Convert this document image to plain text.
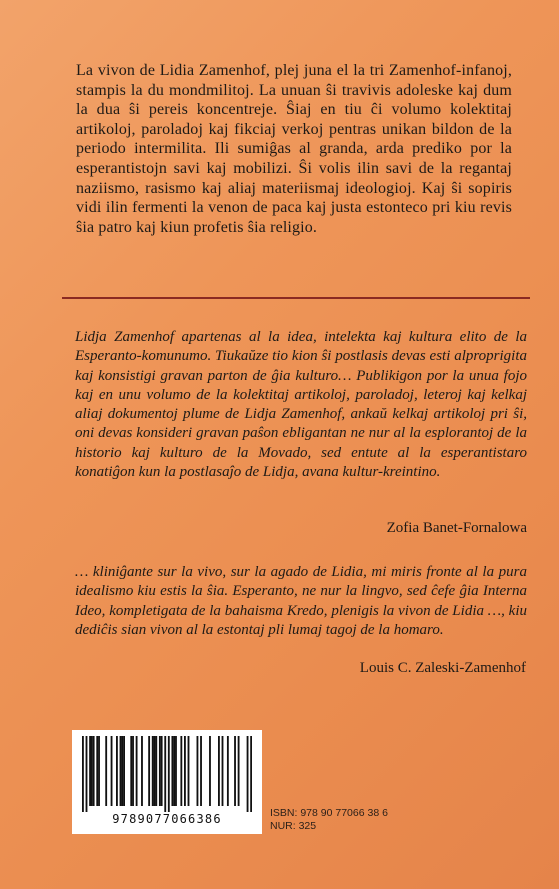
La vivon de Lidia Zamenhof, plej juna el la tri Zamenhof-infanoj, stampis la du mondmilitoj. La unuan ŝi travivis adoleske kaj dum la dua ŝi pereis koncentreje. Ŝiaj en tiu ĉi volumo kolektitaj artikoloj, paroladoj kaj fikciaj verkoj pentras unikan bildon de la periodo intermilita. Ili sumiĝas al granda, arda prediko por la esperantistojn savi kaj mobilizi. Ŝi volis ilin savi de la regantaj naziismo, rasismo kaj aliaj materiismaj ideologioj. Kaj ŝi sopiris vidi ilin fermenti la venon de paca kaj justa estonteco pri kiu revis ŝia patro kaj kiun profetis ŝia religio.

Lidja Zamenhof apartenas al la idea, intelekta kaj kultura elito de la Esperanto-komunumo. Tiukaŭze tio kion ŝi postlasis devas esti alproprigita kaj konsistigi gravan parton de ĝia kulturo… Publikigon por la unua fojo kaj en unu volumo de la kolektitaj artikoloj, paroladoj, leteroj kaj kelkaj aliaj dokumentoj plume de Lidja Zamenhof, ankaŭ kelkaj artikoloj pri ŝi, oni devas konsideri gravan paŝon ebligantan ne nur al la esplorantoj de la historio kaj kulturo de la Movado, sed entute al la esperantistaro konatiĝon kun la postlasaĵo de Lidja, avana kultur-kreintino.

Zofia Banet-Fornalowa

… kliniĝante sur la vivo, sur la agado de Lidia, mi miris fronte al la pura idealismo kiu estis la ŝia. Esperanto, ne nur la lingvo, sed ĉefe ĝia Interna Ideo, kompletigata de la bahaisma Kredo, plenigis la vivon de Lidia …, kiu dediĉis sian vivon al la estontaj pli lumaj tagoj de la homaro.

Louis C. Zaleski-Zamenhof

9789077066386	ISBN: 978 90 77066 38 6
NUR: 325
